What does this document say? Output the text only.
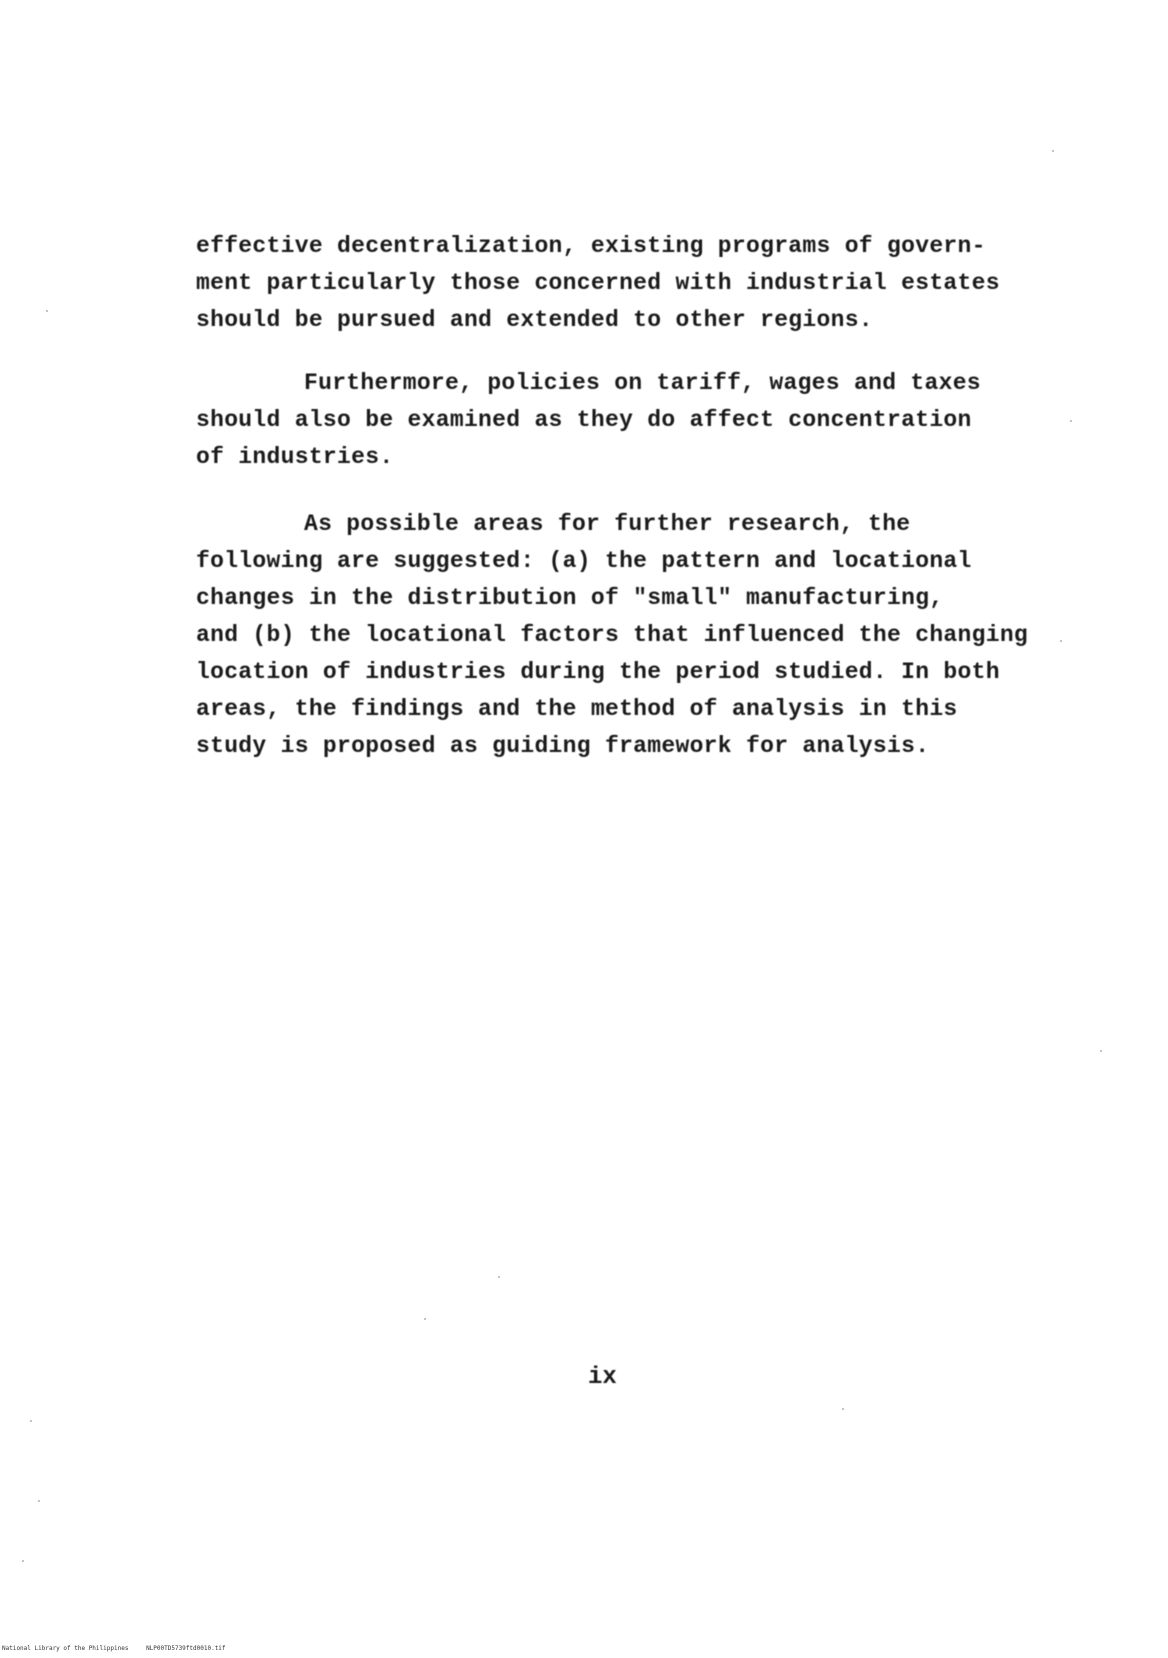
effective decentralization, existing programs of govern-
ment particularly those concerned with industrial estates
should be pursued and extended to other regions.
Furthermore, policies on tariff, wages and taxes
should also be examined as they do affect concentration
of industries.
As possible areas for further research, the
following are suggested: (a) the pattern and locational
changes in the distribution of "small" manufacturing,
and (b) the locational factors that influenced the changing
location of industries during the period studied. In both
areas, the findings and the method of analysis in this
study is proposed as guiding framework for analysis.
ix
National Library of the Philippines	NLP00TD5739ftd0010.tif
